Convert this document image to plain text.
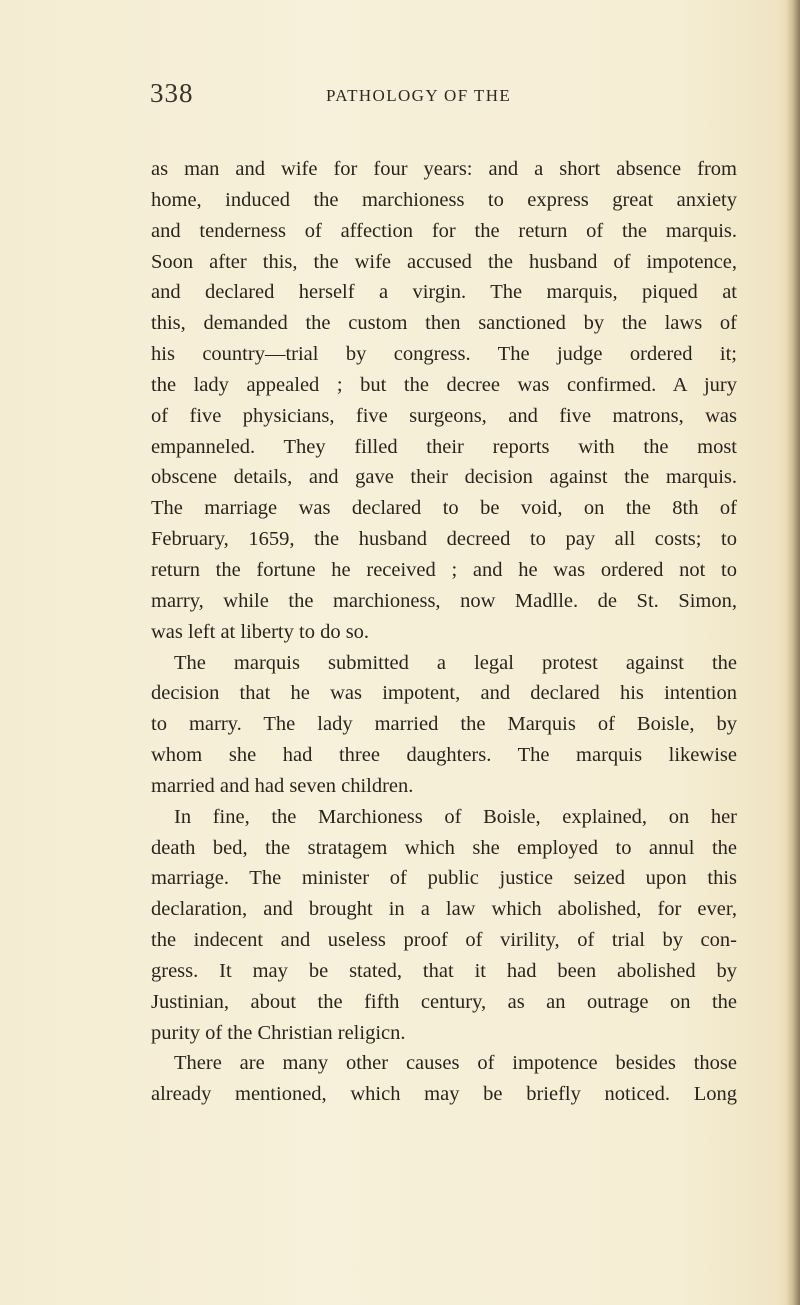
338	PATHOLOGY OF THE
as man and wife for four years: and a short absence from
home, induced the marchioness to express great anxiety
and tenderness of affection for the return of the marquis.
Soon after this, the wife accused the husband of impotence,
and declared herself a virgin. The marquis, piqued at
this, demanded the custom then sanctioned by the laws of
his country—trial by congress. The judge ordered it;
the lady appealed ; but the decree was confirmed. A jury
of five physicians, five surgeons, and five matrons, was
empanneled. They filled their reports with the most
obscene details, and gave their decision against the marquis.
The marriage was declared to be void, on the 8th of
February, 1659, the husband decreed to pay all costs; to
return the fortune he received ; and he was ordered not to
marry, while the marchioness, now Madlle. de St. Simon,
was left at liberty to do so.
The marquis submitted a legal protest against the
decision that he was impotent, and declared his intention
to marry. The lady married the Marquis of Boisle, by
whom she had three daughters. The marquis likewise
married and had seven children.
In fine, the Marchioness of Boisle, explained, on her
death bed, the stratagem which she employed to annul the
marriage. The minister of public justice seized upon this
declaration, and brought in a law which abolished, for ever,
the indecent and useless proof of virility, of trial by con-
gress. It may be stated, that it had been abolished by
Justinian, about the fifth century, as an outrage on the
purity of the Christian religicn.
There are many other causes of impotence besides those
already mentioned, which may be briefly noticed. Long
